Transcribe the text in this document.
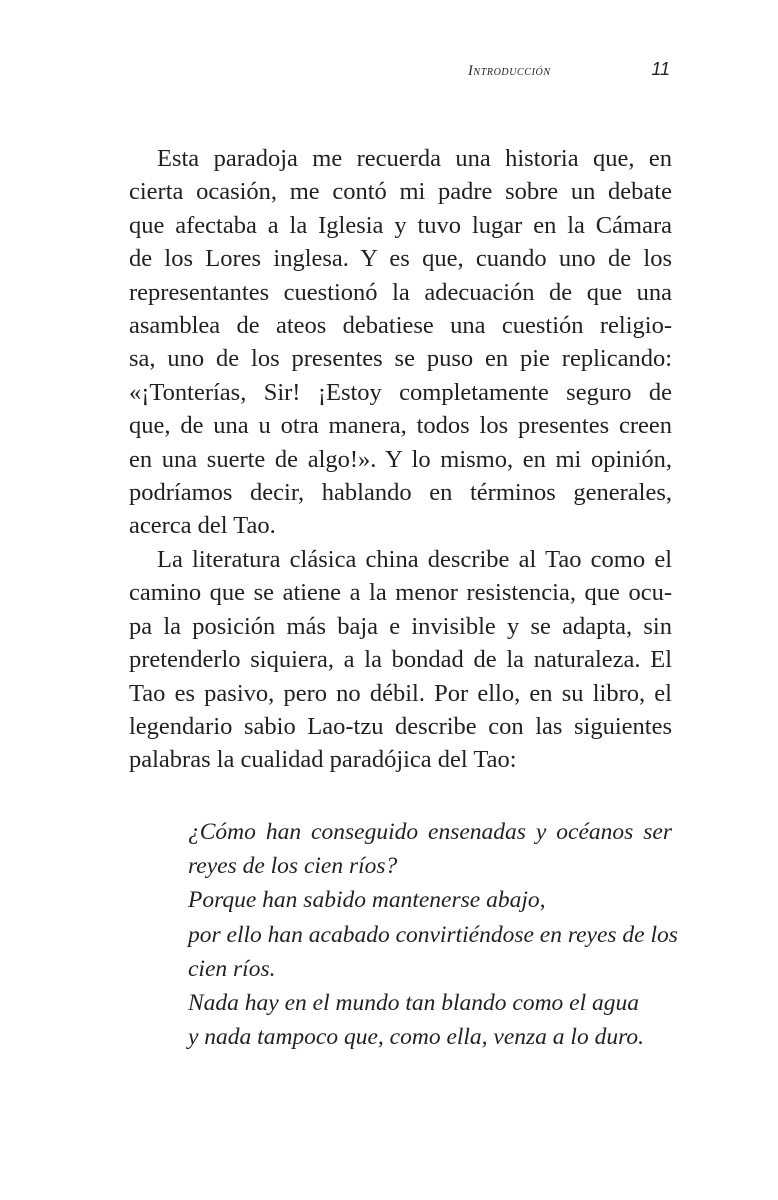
Introducción	11

Esta paradoja me recuerda una historia que, en
cierta ocasión, me contó mi padre sobre un debate
que afectaba a la Iglesia y tuvo lugar en la Cámara
de los Lores inglesa. Y es que, cuando uno de los
representantes cuestionó la adecuación de que una
asamblea de ateos debatiese una cuestión religio-
sa, uno de los presentes se puso en pie replicando:
«¡Tonterías, Sir! ¡Estoy completamente seguro de
que, de una u otra manera, todos los presentes creen
en una suerte de algo!». Y lo mismo, en mi opinión,
podríamos decir, hablando en términos generales,
acerca del Tao.

La literatura clásica china describe al Tao como el
camino que se atiene a la menor resistencia, que ocu-
pa la posición más baja e invisible y se adapta, sin
pretenderlo siquiera, a la bondad de la naturaleza. El
Tao es pasivo, pero no débil. Por ello, en su libro, el
legendario sabio Lao-tzu describe con las siguientes
palabras la cualidad paradójica del Tao:

¿Cómo han conseguido ensenadas y océanos ser
reyes de los cien ríos?
Porque han sabido mantenerse abajo,
por ello han acabado convirtiéndose en reyes de los
cien ríos.
Nada hay en el mundo tan blando como el agua
y nada tampoco que, como ella, venza a lo duro.
